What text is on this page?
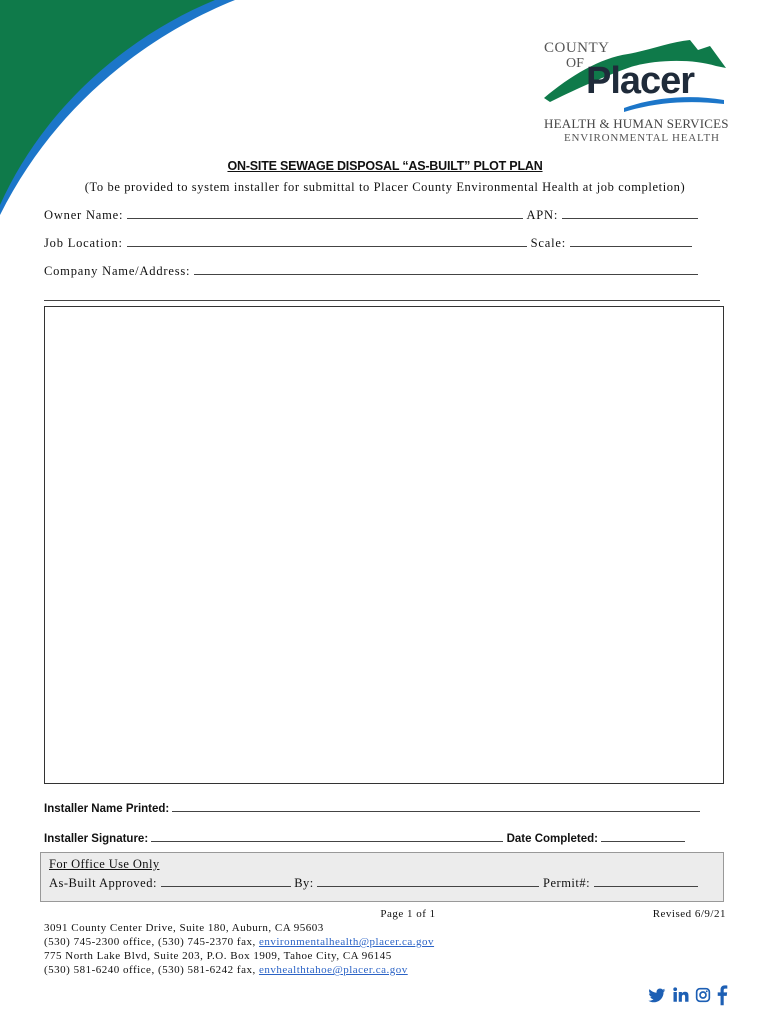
COUNTY
OF Placer
HEALTH & HUMAN SERVICES
ENVIRONMENTAL HEALTH
ON-SITE SEWAGE DISPOSAL “AS-BUILT” PLOT PLAN
(To be provided to system installer for submittal to Placer County Environmental Health at job completion)
Owner Name:	APN:
Job Location:	Scale:
Company Name/Address:
Installer Name Printed:
Installer Signature:	Date Completed:
For Office Use Only
As-Built Approved:	By:	Permit#:
Page 1 of 1	Revised 6/9/21
3091 County Center Drive, Suite 180, Auburn, CA 95603
(530) 745-2300 office, (530) 745-2370 fax, environmentalhealth@placer.ca.gov
775 North Lake Blvd, Suite 203, P.O. Box 1909, Tahoe City, CA 96145
(530) 581-6240 office, (530) 581-6242 fax, envhealthtahoe@placer.ca.gov
